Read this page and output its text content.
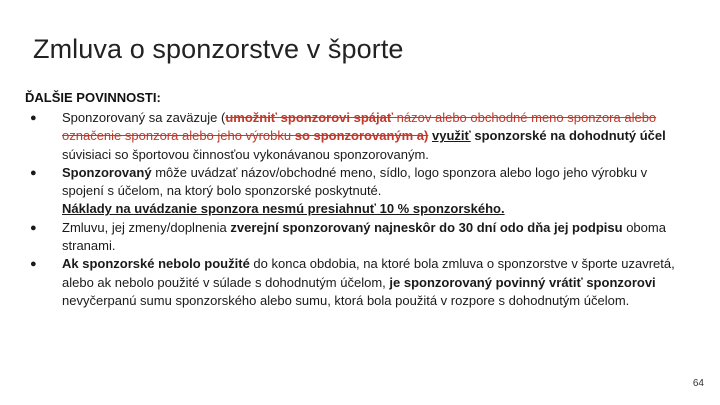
Zmluva o sponzorstve v športe
ĎALŠIE POVINNOSTI:
● Sponzorovaný sa zaväzuje (umožniť sponzorovi spájať názov alebo obchodné meno sponzora alebo označenie sponzora alebo jeho výrobku so sponzorovaným a) využiť sponzorské na dohodnutý účel súvisiaci so športovou činnosťou vykonávanou sponzorovaným.
● Sponzorovaný môže uvádzať názov/obchodné meno, sídlo, logo sponzora alebo logo jeho výrobku v spojení s účelom, na ktorý bolo sponzorské poskytnuté.
Náklady na uvádzanie sponzora nesmú presiahnuť 10 % sponzorského.
● Zmluvu, jej zmeny/doplnenia zverejní sponzorovaný najneskôr do 30 dní odo dňa jej podpisu oboma stranami.
● Ak sponzorské nebolo použité do konca obdobia, na ktoré bola zmluva o sponzorstve v športe uzavretá, alebo ak nebolo použité v súlade s dohodnutým účelom, je sponzorovaný povinný vrátiť sponzorovi nevyčerpanú sumu sponzorského alebo sumu, ktorá bola použitá v rozpore s dohodnutým účelom.
64
